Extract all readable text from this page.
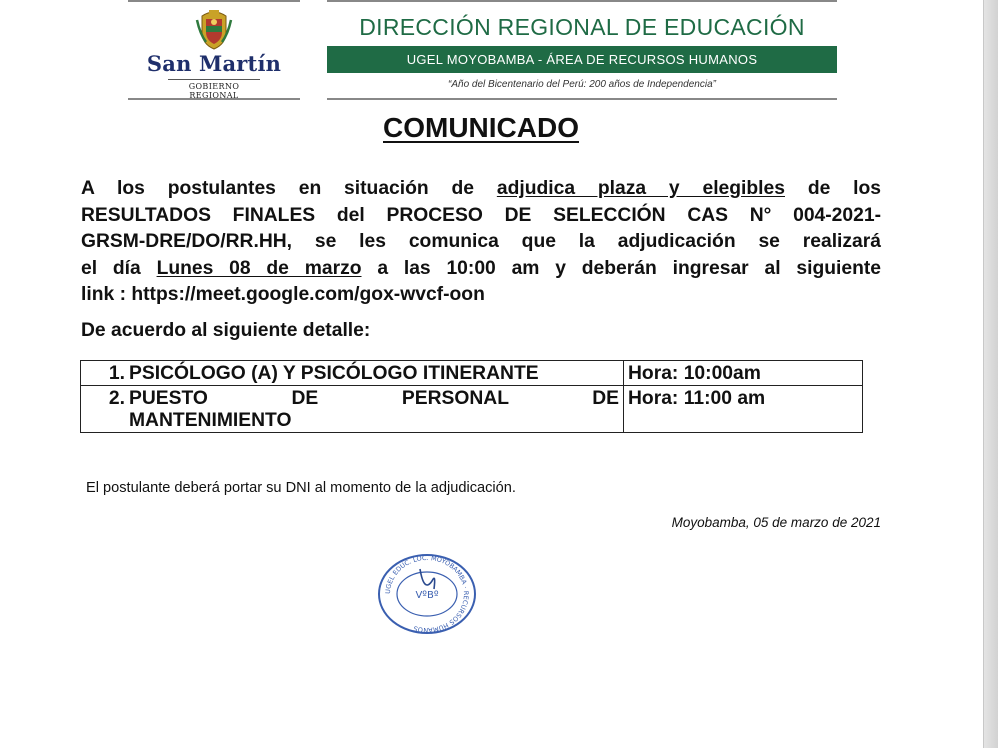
San Martín
GOBIERNO REGIONAL
DIRECCIÓN REGIONAL DE EDUCACIÓN
UGEL MOYOBAMBA - ÁREA DE RECURSOS HUMANOS
“Año del Bicentenario del Perú: 200 años de Independencia”
COMUNICADO
A los postulantes en situación de adjudica plaza y elegibles de los
RESULTADOS FINALES del PROCESO DE SELECCIÓN CAS N° 004-2021-
GRSM-DRE/DO/RR.HH, se les comunica que la adjudicación se realizará
el día Lunes 08 de marzo a las 10:00 am y deberán ingresar al siguiente
link : https://meet.google.com/gox-wvcf-oon
De acuerdo al siguiente detalle:
1.	PSICÓLOGO (A) Y PSICÓLOGO ITINERANTE	Hora: 10:00am
2.	PUESTO DE PERSONAL DE
MANTENIMIENTO	Hora: 11:00 am
El postulante deberá portar su DNI al momento de la adjudicación.
Moyobamba, 05 de marzo de 2021
UGEL EDUC. LOC. MOYOBAMBA · RECURSOS HUMANOS
VºBº
